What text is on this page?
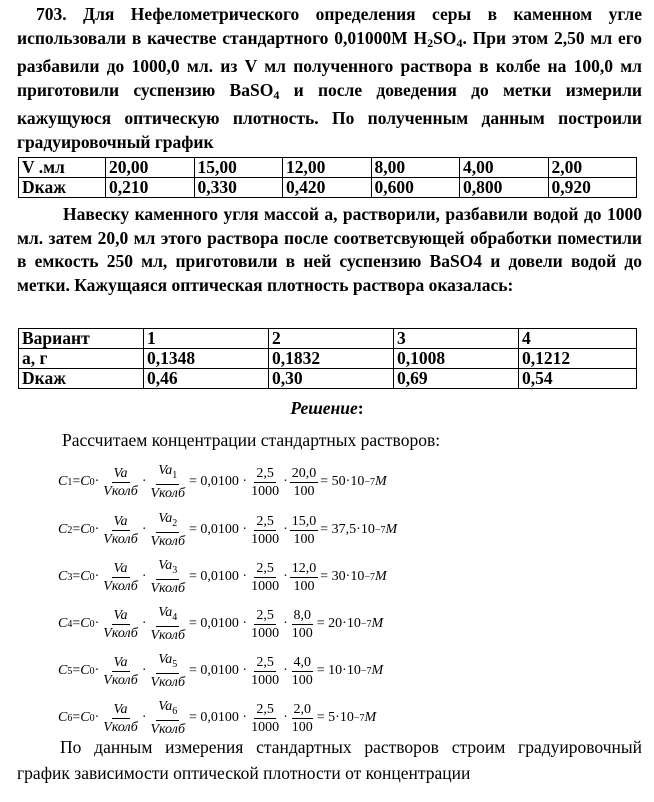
703. Для Нефелометрического определения серы в каменном угле использовали в качестве стандартного 0,01000М $H_2SO_4$. При этом 2,50 мл его разбавили до 1000,0 мл. из V мл полученного раствора в колбе на 100,0 мл приготовили суспензию BaSO$_4$ и после доведения до метки измерили кажущуюся оптическую плотность. По полученным данным построили градуировочный график
V .мл	20,00	15,00	12,00	8,00	4,00	2,00
Dкаж	0,210	0,330	0,420	0,600	0,800	0,920
Навеску каменного угля массой а, растворили, разбавили водой до 1000 мл. затем 20,0 мл этого раствора после соответсвующей обработки поместили в емкость 250 мл, приготовили в ней суспензию BaSO4 и довели водой до метки. Кажущаяся оптическая плотность раствора оказалась:
Вариант	1	2	3	4
а, г	0,1348	0,1832	0,1008	0,1212
Dкаж	0,46	0,30	0,69	0,54
Решение:
Рассчитаем концентрации стандартных растворов:
C 1 = C $0 \cdot \frac{Va}{\text{Vколб}} \cdot \frac{Va_1}{\text{Vколб}} = 0,0100 \cdot \frac{2,5}{1000} \cdot \frac{20,0}{100} = 50\cdot 10 -7$ M
C 2 = C $0 \cdot \frac{Va}{\text{Vколб}} \cdot \frac{Va_2}{\text{Vколб}} = 0,0100 \cdot \frac{2,5}{1000} \cdot \frac{15,0}{100} = 37,5\cdot 10 -7$ M
C 3 = C $0 \cdot \frac{Va}{\text{Vколб}} \cdot \frac{Va_3}{\text{Vколб}} = 0,0100 \cdot \frac{2,5}{1000} \cdot \frac{12,0}{100} = 30\cdot 10 -7$ M
C 4 = C $0 \cdot \frac{Va}{\text{Vколб}} \cdot \frac{Va_4}{\text{Vколб}} = 0,0100 \cdot \frac{2,5}{1000} \cdot \frac{8,0}{100} = 20\cdot 10 -7$ M
C 5 = C $0 \cdot \frac{Va}{\text{Vколб}} \cdot \frac{Va_5}{\text{Vколб}} = 0,0100 \cdot \frac{2,5}{1000} \cdot \frac{4,0}{100} = 10\cdot 10 -7$ M
C 6 = C $0 \cdot \frac{Va}{\text{Vколб}} \cdot \frac{Va_6}{\text{Vколб}} = 0,0100 \cdot \frac{2,5}{1000} \cdot \frac{2,0}{100} = 5\cdot 10 -7$ M
По данным измерения стандартных растворов строим градуировочный график зависимости оптической плотности от концентрации
